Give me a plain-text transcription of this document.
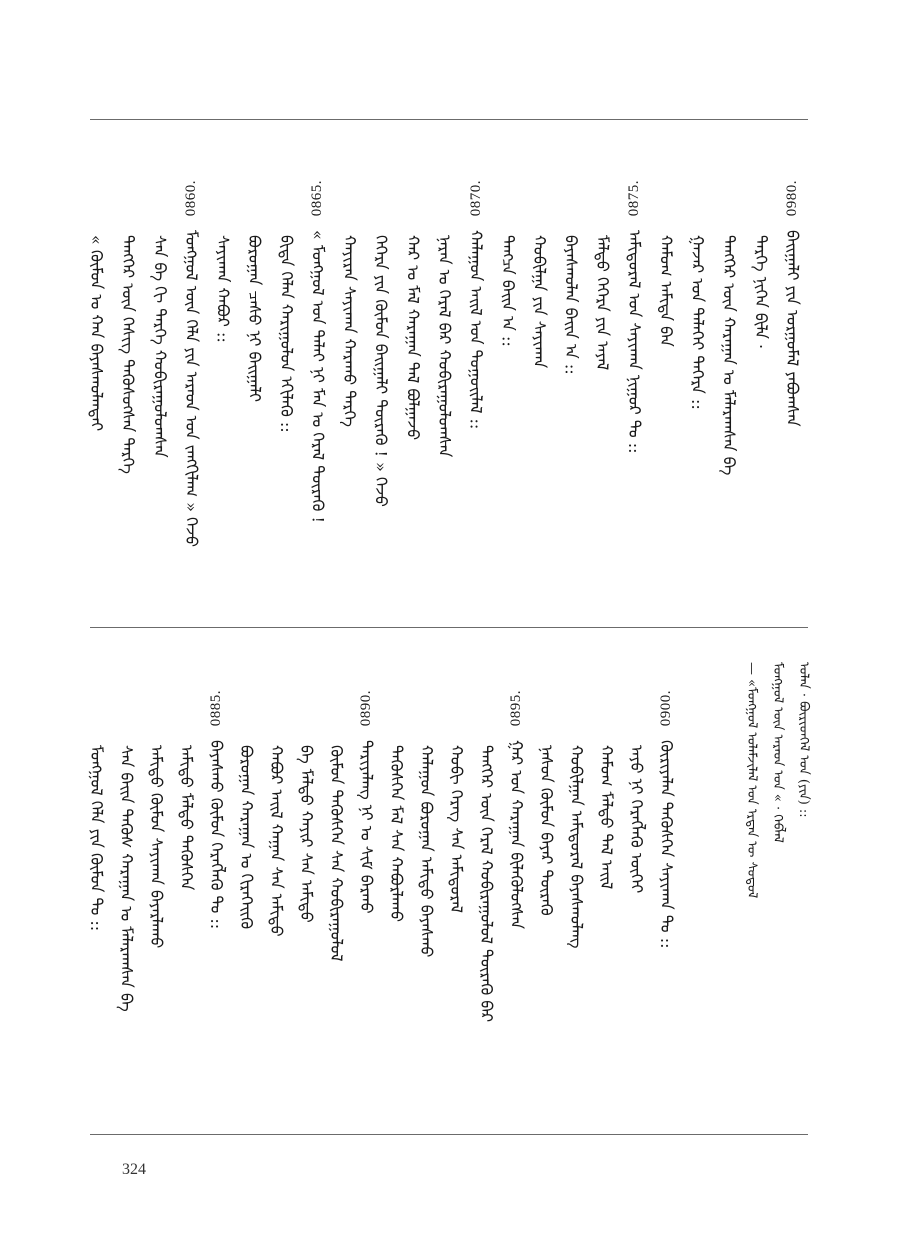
0980.
ᠪᠠᠢᠭᠠᠯᠢ ᠶᠢᠨ ᠤᠷᠭᠤᠮᠠᠯ ᠶᠠᠪᠤᠭᠰᠠᠨ
ᠲᠡᠷᠭᠡ ᠨᠢᠭᠡᠨ ᠪᠢᠯᠡ ·
ᠲᠡᠩᠭᠡᠷ ᠦᠨ ᠬᠠᠷᠠᠭᠠᠨ ᠤ ᠮᠠᠯᠠᠷᠠᠭᠰᠠᠨ ᠪᠡ
ᠭᠠᠵᠠᠷ ᠤᠨ ᠳᠡᠯᠡᠬᠡᠢ ᠳᠡᠭᠡᠷᠡ ::
ᠬᠠᠮᠤᠭ ᠠᠮᠢᠳᠠ ᠪᠠᠨ
0875.
ᠠᠮᠢᠳᠤᠷᠠᠯ ᠤᠨ ᠰᠠᠶᠢᠬᠠᠨ ᠨᠢᠭᠤᠷ ᠲᠤ ::
ᠮᠠᠯᠲᠤ ᠬᠡᠭᠡᠷᠡ ᠶᠢᠨ ᠠᠶᠠᠯ
ᠪᠠᠶᠠᠰᠬᠤᠯᠠᠨ ᠪᠠᠢᠨ ᠠ ::
ᠬᠤᠪᠢᠯᠭᠠ ᠶᠢᠨ ᠰᠠᠶᠢᠬᠠᠨ
ᠲᠡᠩᠴᠡ ᠪᠠᠢᠨ ᠠ ::
0870.
ᠬᠠᠯᠠᠭᠤᠨ ᠠᠢᠯ ᠤᠨ ᠳᠤᠭᠤᠢᠯᠠᠯ ::
ᠨᠠᠷᠠᠨ ᠤ ᠭᠡᠷᠡᠯ ᠪᠡᠷ ᠬᠤᠪᠢᠷᠠᠭᠤᠯᠤᠭᠰᠠᠨ
ᠬᠠᠷ ᠤ ᠮᠠᠯ ᠬᠠᠷᠠᠭᠠᠨ ᠲᠠᠯ ᠪᠣᠯᠭᠠᠵᠤ
ᠬᠡᠭᠡᠷᠡ ᠶᠢᠨ ᠬᠦᠮᠦᠨ ᠪᠠᠢᠭᠠᠯᠢ ᠲᠦᠷᠡᠬᠦ ! » ᠭᠡᠵᠦ
ᠬᠠᠶᠢᠷᠠᠨ ᠰᠠᠶᠢᠬᠠᠨ ᠬᠠᠷᠠᠬᠤ ᠲᠡᠷᠭᠡ
0865.
« ᠮᠣᠩᠭᠣᠯ ᠤᠨ ᠳᠠᠯᠠᠢ ᠨᠢ ᠮᠠᠨ ᠤ ᠭᠡᠷᠡᠯ ᠲᠦᠷᠡᠬᠦ !
ᠪᠢᠳᠡ ᠬᠡᠯᠡᠨ ᠬᠠᠷᠢᠭᠤᠯᠤᠨ ᠡᠬᠢᠯᠡᠬᠦ ::
ᠪᠣᠷᠤᠭᠠᠨ ᠴᠠᠰᠤ ᠨᠢ ᠪᠠᠢᠭᠠᠯᠢ
ᠰᠠᠶᠢᠬᠠᠨ ᠬᠠᠪᠤᠷ ::
0860.
ᠮᠣᠩᠭᠣᠯ ᠦᠨ ᠬᠡᠯᠡ ᠶᠢᠨ ᠠᠷᠠᠳ ᠤᠨ ᠵᠠᠩᠭᠢᠯᠠᠭ » ᠭᠡᠵᠦ
ᠰᠠᠨ ᠪᠠ ᠬᠢ ᠲᠡᠷᠭᠡ ᠬᠤᠪᠢᠷᠠᠭᠤᠯᠤᠭᠰᠠᠨ
ᠲᠡᠩᠭᠡᠷ ᠦᠨ ᠬᠡᠰᠢᠭ ᠲᠡᠭᠦᠰᠦᠭᠰᠡᠨ ᠲᠡᠷᠭᠡ
« ᠬᠦᠮᠦᠨ ᠤ ᠬᠠᠨ ᠪᠠᠶᠠᠰᠬᠤᠯᠠᠨᠲᠠᠢ
0900.
ᠬᠦᠷᠢᠶᠡᠯᠡᠨ ᠲᠡᠭᠦᠰᠬᠡᠨ ᠰᠠᠶᠢᠬᠠᠨ ᠲᠤ ::
ᠠᠶᠤ ᠨᠢ ᠬᠡᠷᠡᠭᠯᠡᠬᠦ ᠦᠭᠡᠢ
ᠬᠠᠮᠤᠭ ᠮᠠᠯᠲᠤ ᠲᠠᠯ ᠠᠢᠯ
ᠬᠤᠪᠢᠯᠭᠠᠨ ᠠᠮᠢᠳᠤᠷᠠᠯ ᠪᠠᠶᠠᠰᠬᠤᠯᠠᠩ
ᠨᠠᠰᠤᠨ ᠬᠦᠮᠦᠨ ᠪᠠᠶᠠᠷ ᠲᠦᠷᠡᠬᠦ
0895.
ᠭᠠᠷ ᠤᠨ ᠬᠠᠷᠠᠭᠠᠨ ᠪᠢᠯᠡᠭᠦᠯᠦᠭᠰᠡᠨ
ᠲᠡᠩᠭᠡᠷ ᠦᠨ ᠭᠡᠷᠡᠯ ᠬᠤᠪᠢᠷᠠᠭᠤᠯᠤᠯ ᠲᠦᠷᠡᠬᠦ ᠪᠡᠷ
ᠬᠤᠪᠢ ᠬᠡᠷᠡᠭ ᠰᠠᠨ ᠠᠮᠢᠳᠤᠷᠠᠯ
ᠬᠠᠯᠠᠭᠤᠨ ᠪᠣᠷᠤᠭᠠᠨ ᠠᠮᠢᠳᠤ ᠪᠠᠶᠠᠰᠬᠤ
ᠲᠡᠭᠦᠰᠬᠡᠨ ᠮᠠᠯ ᠰᠠᠨ ᠬᠠᠪᠤᠷᠯᠠᠬᠤ
0890.
ᠲᠠᠷᠢᠶᠠᠯᠠᠩ ᠨᠢ ᠤ ᠰᠢᠮ ᠪᠠᠷᠬᠤ
ᠬᠦᠮᠦᠨ ᠲᠡᠭᠦᠰᠬᠡᠨ ᠰᠠᠨ ᠬᠤᠪᠢᠷᠠᠭᠤᠯᠤᠯ
ᠪᠠ ᠮᠠᠯᠲᠤ ᠬᠠᠶᠢᠷ ᠰᠠᠨ ᠠᠮᠢᠳᠤ
ᠬᠠᠪᠤᠷ ᠠᠢᠯ ᠬᠠᠭᠠᠨ ᠰᠠᠨ ᠠᠮᠢᠳᠤ
ᠪᠣᠷᠤᠭᠠᠨ ᠬᠠᠷᠠᠭᠠᠨ ᠤ ᠬᠢᠷᠡᠭᠡᠢᠬᠦ
0885.
ᠪᠠᠶᠠᠰᠬᠤ ᠬᠦᠮᠦᠨ ᠬᠡᠷᠡᠭᠯᠡᠬᠦ ᠲᠤ ::
ᠠᠮᠢᠳᠤ ᠮᠠᠯᠲᠤ ᠲᠡᠭᠦᠰᠬᠡᠨ
ᠠᠮᠢᠳᠤ ᠬᠦᠮᠦᠨ ᠰᠠᠶᠢᠬᠠᠨ ᠪᠠᠶᠠᠷᠯᠠᠬᠤ
ᠰᠠᠨ ᠪᠠᠢᠨ ᠲᠡᠭᠦᠰ ᠬᠠᠷᠠᠭᠠᠨ ᠤ ᠮᠠᠯᠠᠷᠠᠭᠰᠠᠨ ᠪᠡ
ᠮᠣᠩᠭᠣᠯ ᠬᠡᠯᠡ ᠶᠢᠨ ᠬᠦᠮᠦᠨ ᠲᠤ ::
ᠣᠯᠠᠨ · ᠪᠦᠷᠢᠳᠬᠡᠯ ᠤᠨ (ᠶᠢᠨ) ::
ᠮᠣᠩᠭᠣᠯ ᠦᠨ ᠠᠷᠠᠳ ᠤᠨ « · ᠬᠡᠪᠯᠡᠯ
— «ᠮᠣᠩᠭᠣᠯ ᠤᠯᠠᠮᠵᠢᠯᠠᠯ ᠤᠨ ᠡᠷᠲᠡᠨ ᠦ ᠰᠤᠳᠤᠯ
324
